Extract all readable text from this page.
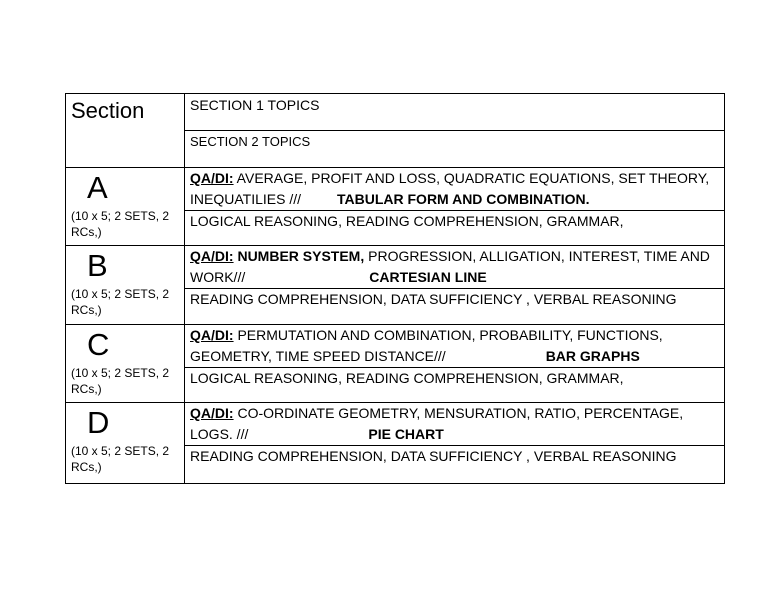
Section	SECTION 1 TOPICS

	SECTION 2 TOPICS

A
(10 x 5; 2 SETS, 2 RCs,)	QA/DI: AVERAGE, PROFIT AND LOSS, QUADRATIC EQUATIONS, SET THEORY, INEQUATILIES /// TABULAR FORM AND COMBINATION.

	LOGICAL REASONING, READING COMPREHENSION, GRAMMAR,

B
(10 x 5; 2 SETS, 2 RCs,)	QA/DI: NUMBER SYSTEM, PROGRESSION, ALLIGATION, INTEREST, TIME AND WORK/// CARTESIAN LINE

	READING COMPREHENSION, DATA SUFFICIENCY , VERBAL REASONING

C
(10 x 5; 2 SETS, 2 RCs,)	QA/DI: PERMUTATION AND COMBINATION, PROBABILITY, FUNCTIONS, GEOMETRY, TIME SPEED DISTANCE/// BAR GRAPHS

	LOGICAL REASONING, READING COMPREHENSION, GRAMMAR,

D
(10 x 5; 2 SETS, 2 RCs,)	QA/DI: CO-ORDINATE GEOMETRY, MENSURATION, RATIO, PERCENTAGE, LOGS. /// PIE CHART

	READING COMPREHENSION, DATA SUFFICIENCY , VERBAL REASONING
